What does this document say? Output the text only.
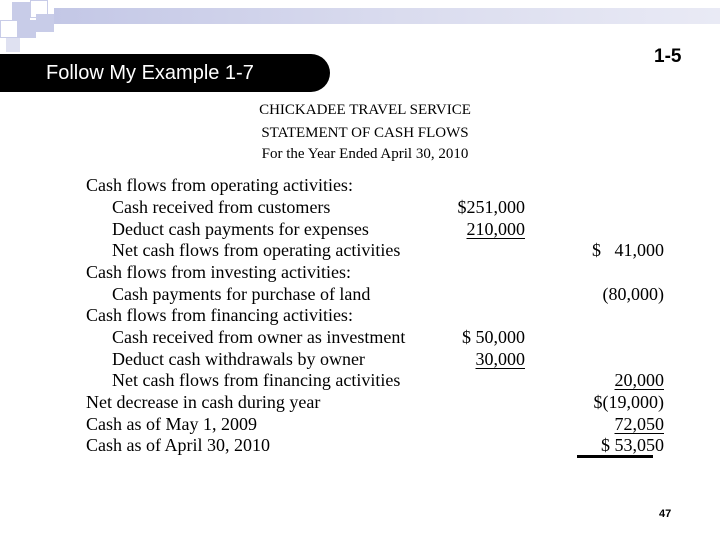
Follow My Example 1-7
1-5
CHICKADEE TRAVEL SERVICE
STATEMENT OF CASH FLOWS
For the Year Ended April 30, 2010
Cash flows from operating activities:
Cash received from customers	$251,000
Deduct cash payments for expenses	210,000
Net cash flows from operating activities	$   41,000
Cash flows from investing activities:
Cash payments for purchase of land	(80,000)
Cash flows from financing activities:
Cash received from owner as investment	$ 50,000
Deduct cash withdrawals by owner	30,000
Net cash flows from financing activities	20,000
Net decrease in cash during year	$(19,000)
Cash as of May 1, 2009	72,050
Cash as of April 30, 2010	$ 53,050
47
